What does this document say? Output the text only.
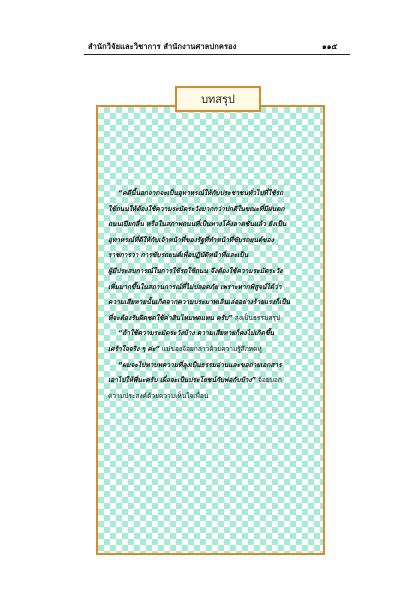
สำนักวิจัยและวิชาการ สำนักงานศาลปกครอง	๑๑๕
บทสรุป
“คดีนี้นอกจากจะเป็นอุทาหรณ์ให้กับประชาชนทั่วไปที่ใช้รถ
ใช้ถนนให้ต้องใช้ความระมัดระวังมากกว่าปกติในขณะที่มีฝนตก
ถนนเปียกลื่น หรือในสภาพถนนที่เป็นทางโค้งลาดชันแล้ว ยังเป็น
อุทาหรณ์ที่ดีให้กับเจ้าหน้าที่ของรัฐที่ทำหน้าที่ขับรถยนต์ของ
ราชการว่า การขับรถยนต์เพื่อปฏิบัติหน้าที่และเป็น
ผู้มีประสบการณ์ในการใช้รถใช้ถนน จึงต้องใช้ความระมัดระวัง
เพิ่มมากขึ้นในสถานการณ์ที่ไม่ปลอดภัย เพราะหากพิสูจน์ได้ว่า
ความเสียหายนั้นเกิดจากความประมาทเลินเล่ออย่างร้ายแรงก็เป็น
ที่จะต้องรับผิดชดใช้ค่าสินไหมทดแทน ครับ” ลุงเป็นธรรมสรุป
“ถ้าใช้ความระมัดระวังบ้าง ความเสียหายก็คงไม่เกิดขึ้น
เศร้าใจจริง ๆ ค่ะ” แม่ของจ้อยกล่าวด้วยความรู้สึกหดหู่
“ผมจะไปหาบทความที่ลุงเป็นธรรมอ่านและขอถ่ายเอกสาร
เอาไปให้พี่นะครับ เผื่อจะเป็นประโยชน์กับพ่อกับบ้าง” จ้อยบอก
ความประสงค์ด้วยความเห็นใจเพื่อน
